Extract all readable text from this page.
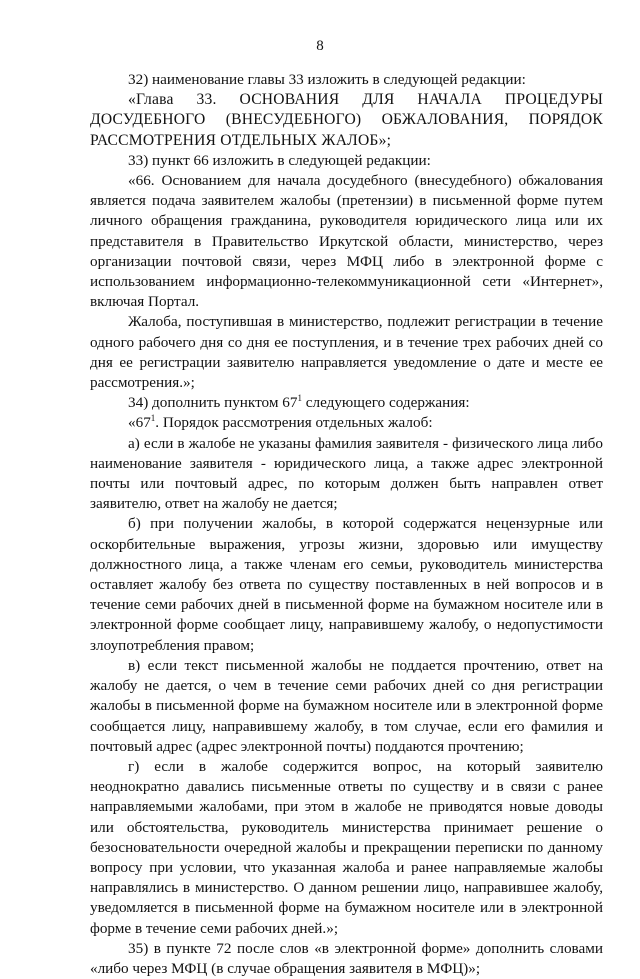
8

32) наименование главы 33 изложить в следующей редакции:

«Глава 33. ОСНОВАНИЯ ДЛЯ НАЧАЛА ПРОЦЕДУРЫ ДОСУДЕБНОГО (ВНЕСУДЕБНОГО) ОБЖАЛОВАНИЯ, ПОРЯДОК РАССМОТРЕНИЯ ОТДЕЛЬНЫХ ЖАЛОБ»;

33) пункт 66 изложить в следующей редакции:

«66. Основанием для начала досудебного (внесудебного) обжалования является подача заявителем жалобы (претензии) в письменной форме путем личного обращения гражданина, руководителя юридического лица или их представителя в Правительство Иркутской области, министерство, через организации почтовой связи, через МФЦ либо в электронной форме с использованием информационно-телекоммуникационной сети «Интернет», включая Портал.

Жалоба, поступившая в министерство, подлежит регистрации в течение одного рабочего дня со дня ее поступления, и в течение трех рабочих дней со дня ее регистрации заявителю направляется уведомление о дате и месте ее рассмотрения.»;

34) дополнить пунктом $67^1$ следующего содержания:

«$67^1$. Порядок рассмотрения отдельных жалоб:

а) если в жалобе не указаны фамилия заявителя - физического лица либо наименование заявителя - юридического лица, а также адрес электронной почты или почтовый адрес, по которым должен быть направлен ответ заявителю, ответ на жалобу не дается;

б) при получении жалобы, в которой содержатся нецензурные или оскорбительные выражения, угрозы жизни, здоровью или имуществу должностного лица, а также членам его семьи, руководитель министерства оставляет жалобу без ответа по существу поставленных в ней вопросов и в течение семи рабочих дней в письменной форме на бумажном носителе или в электронной форме сообщает лицу, направившему жалобу, о недопустимости злоупотребления правом;

в) если текст письменной жалобы не поддается прочтению, ответ на жалобу не дается, о чем в течение семи рабочих дней со дня регистрации жалобы в письменной форме на бумажном носителе или в электронной форме сообщается лицу, направившему жалобу, в том случае, если его фамилия и почтовый адрес (адрес электронной почты) поддаются прочтению;

г) если в жалобе содержится вопрос, на который заявителю неоднократно давались письменные ответы по существу и в связи с ранее направляемыми жалобами, при этом в жалобе не приводятся новые доводы или обстоятельства, руководитель министерства принимает решение о безосновательности очередной жалобы и прекращении переписки по данному вопросу при условии, что указанная жалоба и ранее направляемые жалобы направлялись в министерство. О данном решении лицо, направившее жалобу, уведомляется в письменной форме на бумажном носителе или в электронной форме в течение семи рабочих дней.»;

35) в пункте 72 после слов «в электронной форме» дополнить словами «либо через МФЦ (в случае обращения заявителя в МФЦ)»;
